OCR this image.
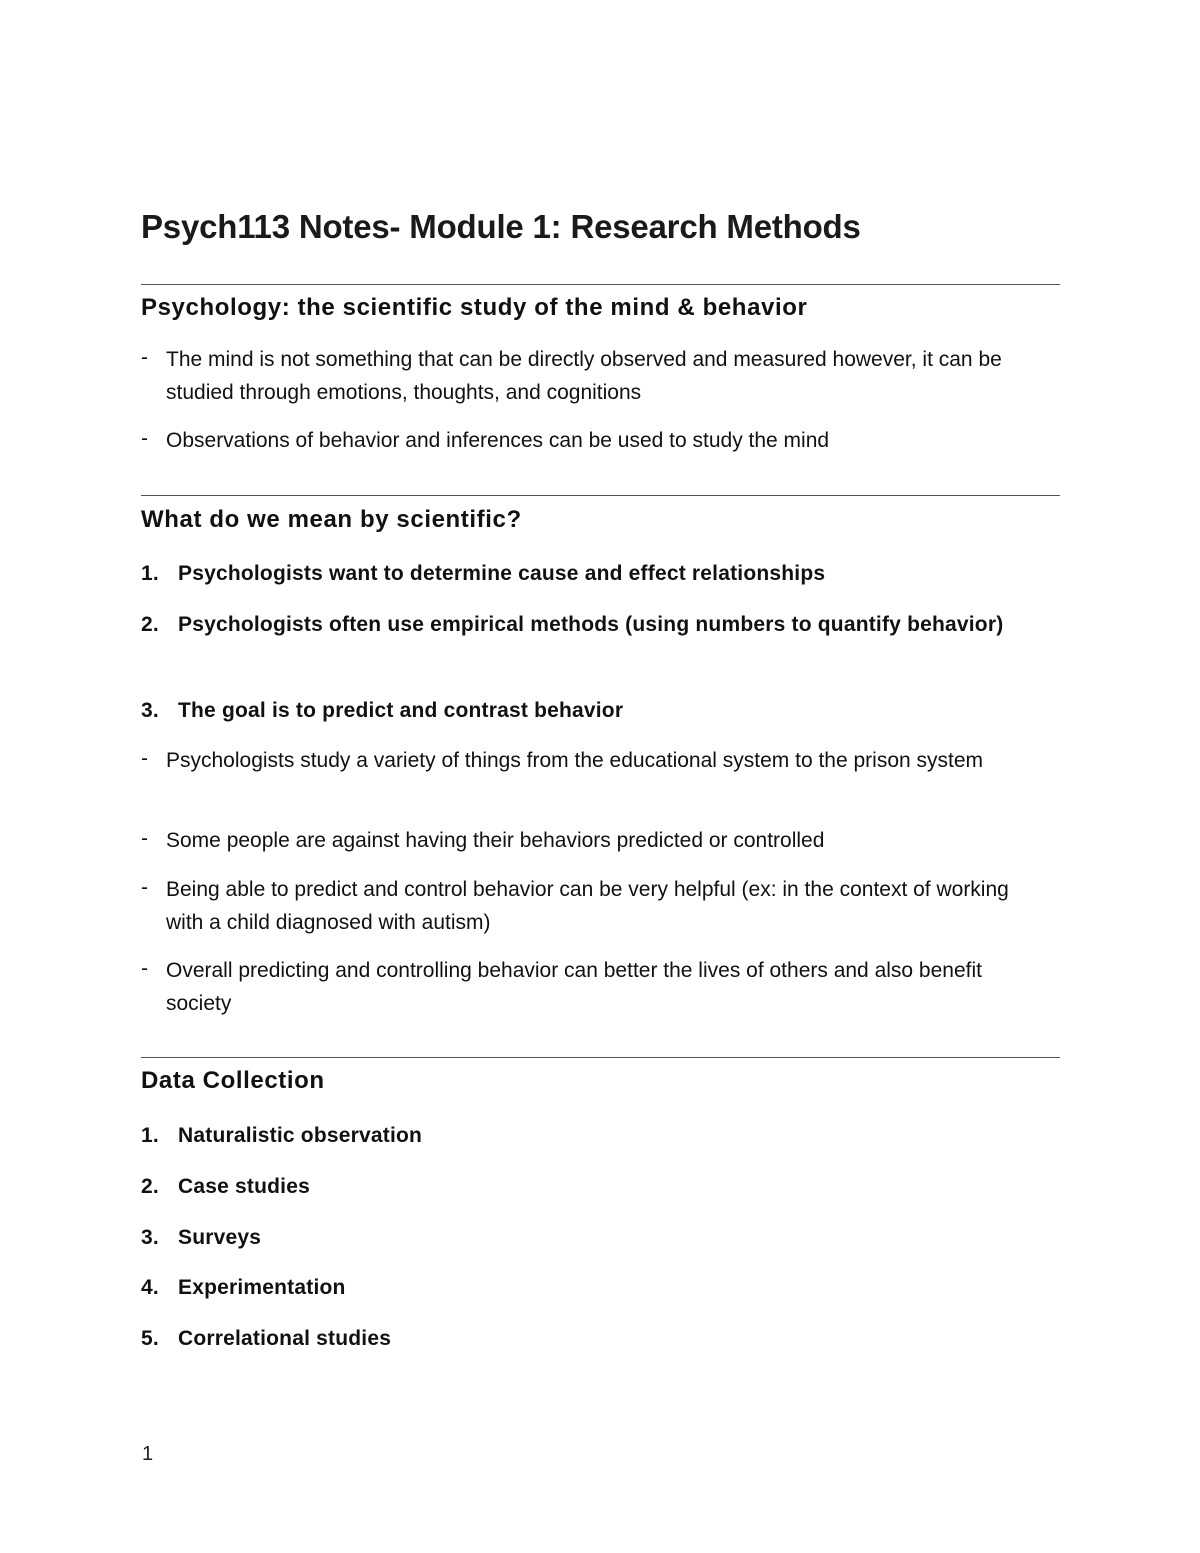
Psych113 Notes- Module 1: Research Methods
Psychology: the scientific study of the mind & behavior
- The mind is not something that can be directly observed and measured however, it can be studied through emotions, thoughts, and cognitions
- Observations of behavior and inferences can be used to study the mind
What do we mean by scientific?
1. Psychologists want to determine cause and effect relationships
2. Psychologists often use empirical methods (using numbers to quantify behavior)
3. The goal is to predict and contrast behavior
- Psychologists study a variety of things from the educational system to the prison system
- Some people are against having their behaviors predicted or controlled
- Being able to predict and control behavior can be very helpful (ex: in the context of working with a child diagnosed with autism)
- Overall predicting and controlling behavior can better the lives of others and also benefit society
Data Collection
1. Naturalistic observation
2. Case studies
3. Surveys
4. Experimentation
5. Correlational studies
1
